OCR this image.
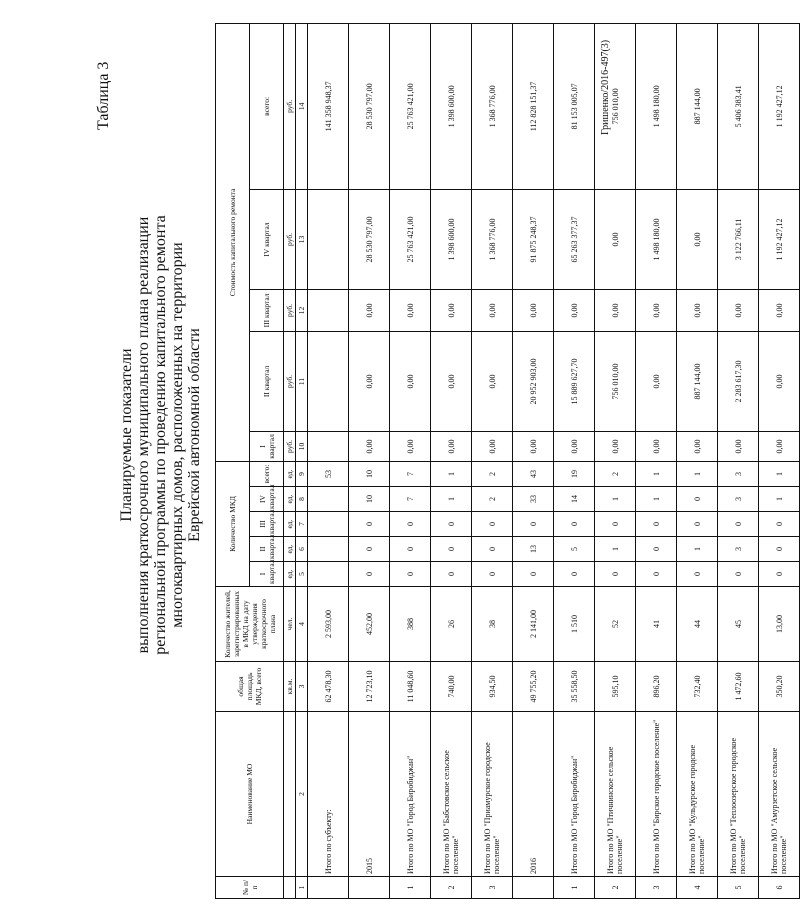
Таблица 3
Планируемые показатели выполнения краткосрочного муниципального плана реализации региональной программы по проведению капитального ремонта многоквартирных домов, расположенных на территории Еврейской автономной области
№ п/п	Наименование МО	общая площадь МКД, всего	Количество жителей, зарегистрированных в МКД на дату утверждения краткосрочного плана	Количество МКД					Стоимость капитального ремонта				
				I квартал	II квартал	III квартал	IV квартал	всего:	I квартал	II квартал	III квартал	IV квартал	всего:
		кв.м.	чел.	ед.	ед.	ед.	ед.	ед.	руб.	руб.	руб.	руб.	руб.
1	2	3	4	5	6	7	8	9	10	11	12	13	14
	Итого по субъекту:	62 478,30	2 593,00					53					141 358 948,37
	2015	12 723,10	452,00	0	0	0	10	10	0,00	0,00	0,00	28 530 797,00	28 530 797,00
1	Итого по МО "Город Биробиджан"	11 048,60	388	0	0	0	7	7	0,00	0,00	0,00	25 763 421,00	25 763 421,00
2	Итого по МО "Бабстовское сельское поселение"	740,00	26	0	0	0	1	1	0,00	0,00	0,00	1 398 600,00	1 398 600,00
3	Итого по МО "Приамурское городское поселение"	934,50	38	0	0	0	2	2	0,00	0,00	0,00	1 368 776,00	1 368 776,00
	2016	49 755,20	2 141,00	0	13	0	33	43	0,00	20 952 903,00	0,00	91 875 248,37	112 828 151,37
1	Итого по МО "Город Биробиджан"	35 558,50	1 510	0	5	0	14	19	0,00	15 889 627,70	0,00	65 263 377,37	81 153 005,07
2	Итого по МО "Птичнинское сельское поселение"	595,10	52	0	1	0	1	2	0,00	756 010,00	0,00	0,00	756 010,00
3	Итого по МО "Бирское городское поселение"	896,20	41	0	0	0	1	1	0,00	0,00	0,00	1 498 180,00	1 498 180,00
4	Итого по МО "Кульдурское городское поселение"	732,40	44	0	1	0	0	1	0,00	887 144,00	0,00	0,00	887 144,00
5	Итого по МО "Теплоозерское городское поселение"	1 472,60	45	0	3	0	3	3	0,00	2 283 617,30	0,00	3 122 766,11	5 406 383,41
6	Итого по МО "Амурзетское сельское поселение"	350,20	13,00	0	0	0	1	1	0,00	0,00	0,00	1 192 427,12	1 192 427,12
Гришенко/2016-497(3)
